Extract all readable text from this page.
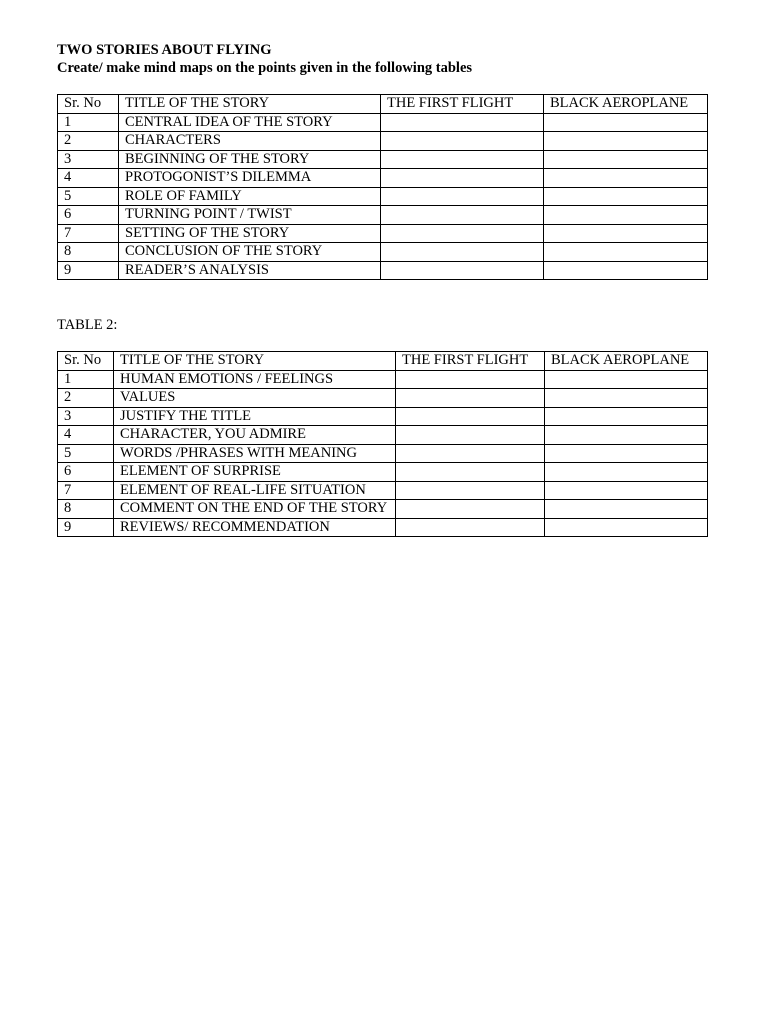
TWO STORIES ABOUT FLYING
Create/ make mind maps on the points given in the following tables
Sr. No	TITLE OF THE STORY	THE FIRST FLIGHT	BLACK AEROPLANE
1	CENTRAL IDEA OF THE STORY		
2	CHARACTERS		
3	BEGINNING OF THE STORY		
4	PROTOGONIST’S DILEMMA		
5	ROLE OF FAMILY		
6	TURNING POINT / TWIST		
7	SETTING OF THE STORY		
8	CONCLUSION OF THE STORY		
9	READER’S ANALYSIS		
TABLE 2:
Sr. No	TITLE OF THE STORY	THE FIRST FLIGHT	BLACK AEROPLANE
1	HUMAN EMOTIONS / FEELINGS		
2	VALUES		
3	JUSTIFY THE TITLE		
4	CHARACTER, YOU ADMIRE		
5	WORDS /PHRASES WITH MEANING		
6	ELEMENT OF SURPRISE		
7	ELEMENT OF REAL-LIFE SITUATION		
8	COMMENT ON THE END OF THE STORY		
9	REVIEWS/ RECOMMENDATION		
